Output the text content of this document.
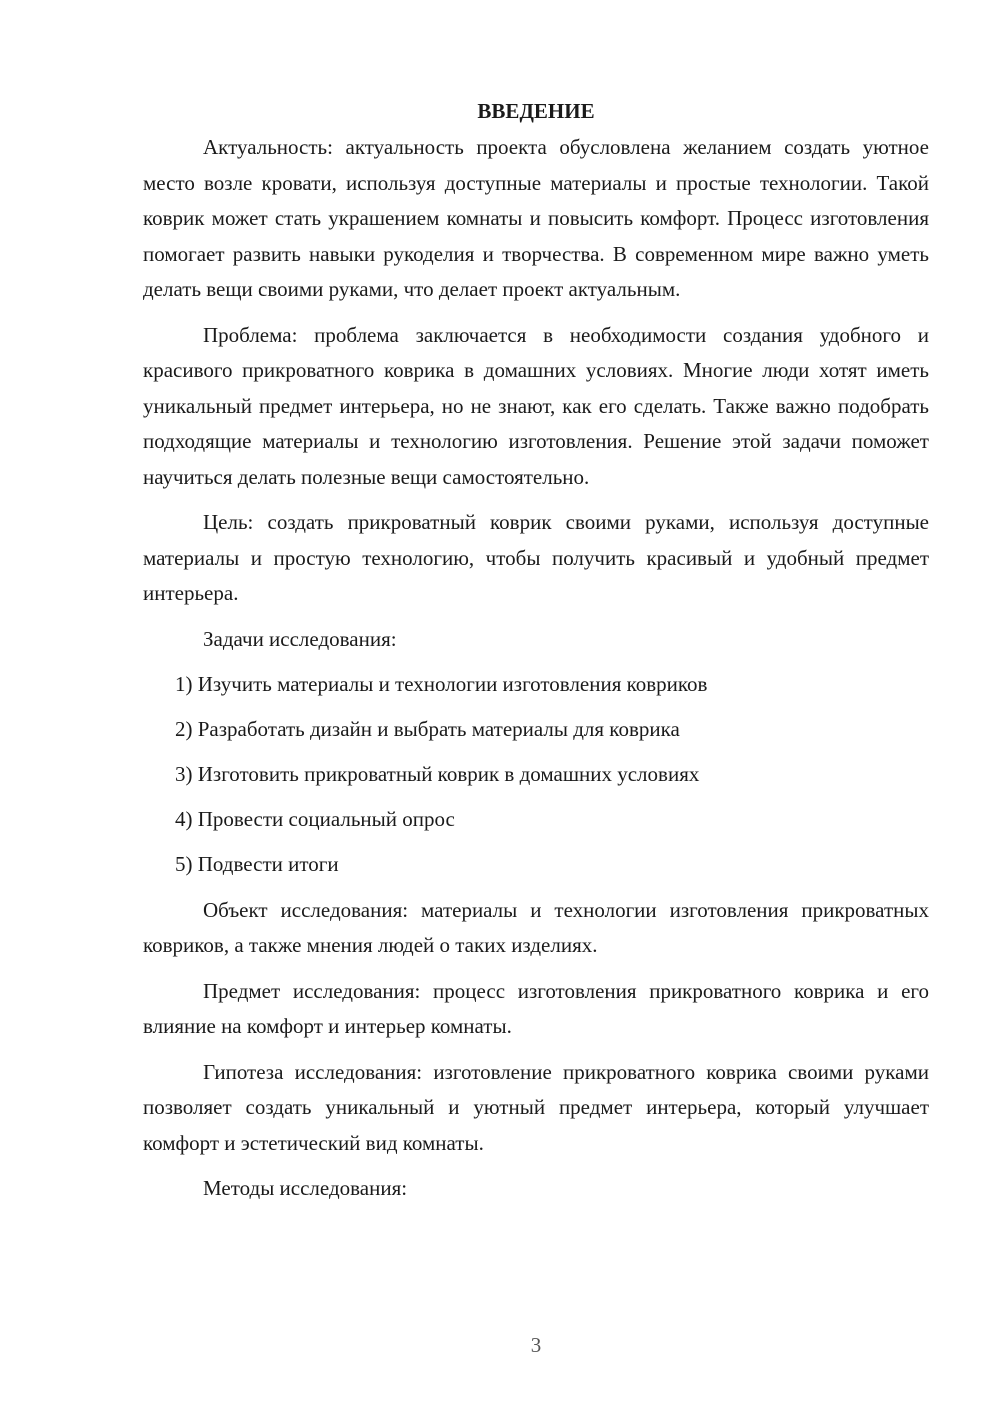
ВВЕДЕНИЕ

Актуальность: актуальность проекта обусловлена желанием создать уютное место возле кровати, используя доступные материалы и простые технологии. Такой коврик может стать украшением комнаты и повысить комфорт. Процесс изготовления помогает развить навыки рукоделия и творчества. В современном мире важно уметь делать вещи своими руками, что делает проект актуальным.

Проблема: проблема заключается в необходимости создания удобного и красивого прикроватного коврика в домашних условиях. Многие люди хотят иметь уникальный предмет интерьера, но не знают, как его сделать. Также важно подобрать подходящие материалы и технологию изготовления. Решение этой задачи поможет научиться делать полезные вещи самостоятельно.

Цель: создать прикроватный коврик своими руками, используя доступные материалы и простую технологию, чтобы получить красивый и удобный предмет интерьера.

Задачи исследования:

1) Изучить материалы и технологии изготовления ковриков
2) Разработать дизайн и выбрать материалы для коврика
3) Изготовить прикроватный коврик в домашних условиях
4) Провести социальный опрос
5) Подвести итоги

Объект исследования: материалы и технологии изготовления прикроватных ковриков, а также мнения людей о таких изделиях.

Предмет исследования: процесс изготовления прикроватного коврика и его влияние на комфорт и интерьер комнаты.

Гипотеза исследования: изготовление прикроватного коврика своими руками позволяет создать уникальный и уютный предмет интерьера, который улучшает комфорт и эстетический вид комнаты.

Методы исследования:

3
